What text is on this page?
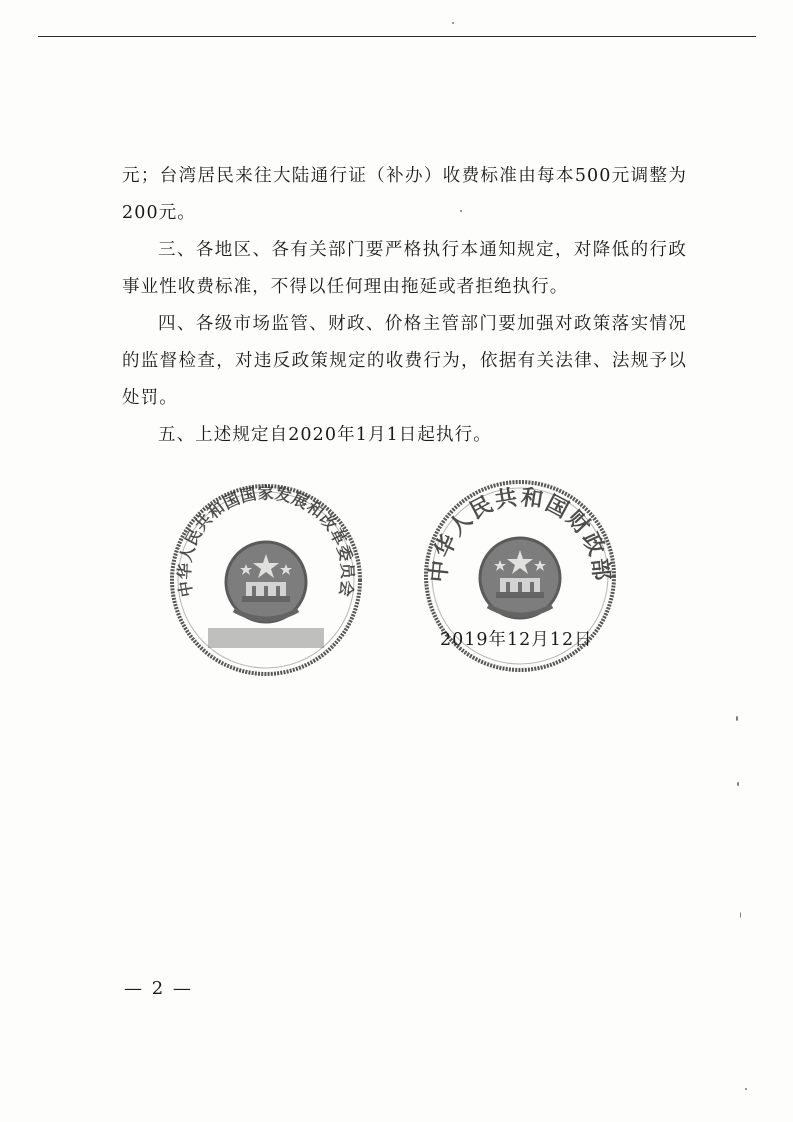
元；台湾居民来往大陆通行证（补办）收费标准由每本500元调整为200元。

三、各地区、各有关部门要严格执行本通知规定，对降低的行政事业性收费标准，不得以任何理由拖延或者拒绝执行。

四、各级市场监管、财政、价格主管部门要加强对政策落实情况的监督检查，对违反政策规定的收费行为，依据有关法律、法规予以处罚。

五、上述规定自2020年1月1日起执行。

中华人民共和国国家发展和改革委员会
中华人民共和国财政部
2019年12月12日
— 2 —
